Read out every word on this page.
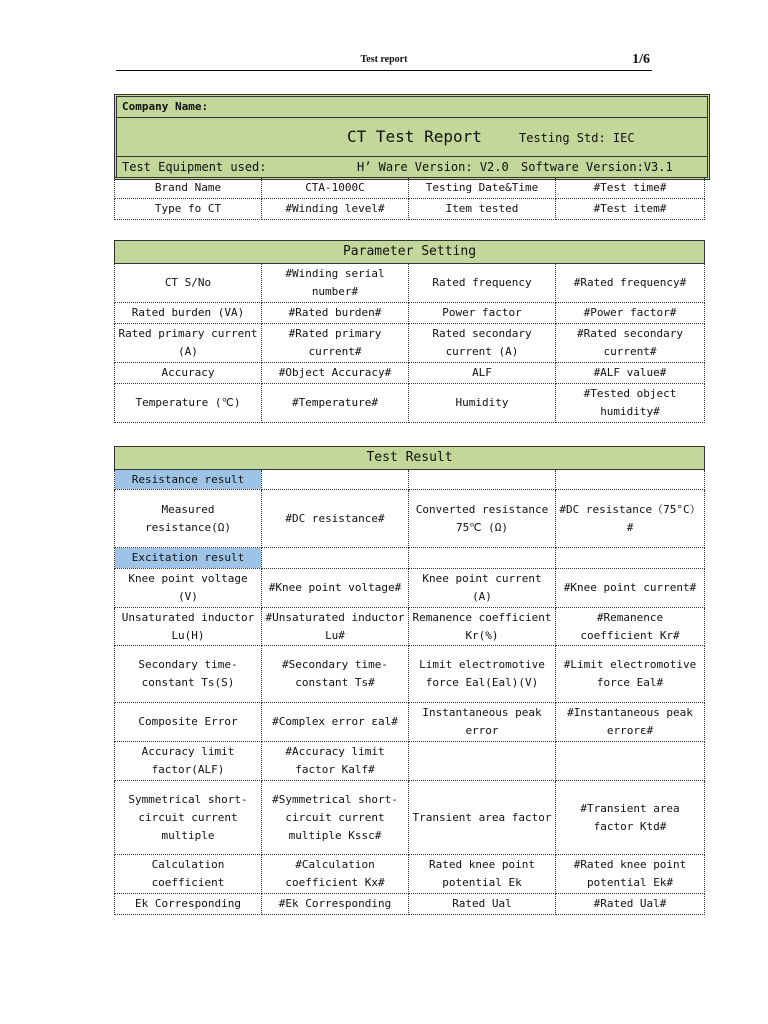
Test report	1/6
Company Name:
CT Test Report	Testing Std: IEC
Test Equipment used:	H’ Ware Version: V2.0 Software Version:V3.1
Brand Name	CTA-1000C	Testing Date&Time	#Test time#
Type fo CT	#Winding level#	Item tested	#Test item#
Parameter Setting			
CT S/No	#Winding serial number#	Rated frequency	#Rated frequency#
Rated burden (VA)	#Rated burden#	Power factor	#Power factor#
Rated primary current (A)	#Rated primary current#	Rated secondary current (A)	#Rated secondary current#
Accuracy	#Object Accuracy#	ALF	#ALF value#
Temperature (℃)	#Temperature#	Humidity	#Tested object humidity#
Test Result			
Resistance result			
Measured resistance(Ω)	#DC resistance#	Converted resistance 75℃ (Ω)	#DC resistance（75°C）#
Excitation result			
Knee point voltage (V)	#Knee point voltage#	Knee point current (A)	#Knee point current#
Unsaturated inductor Lu(H)	#Unsaturated inductor Lu#	Remanence coefficient Kr(%)	#Remanence coefficient Kr#
Secondary time-constant Ts(S)	#Secondary time-constant Ts#	Limit electromotive force Eal(Eal)(V)	#Limit electromotive force Eal#
Composite Error	#Complex error εal#	Instantaneous peak error	#Instantaneous peak errorε#
Accuracy limit factor(ALF)	#Accuracy limit factor Kalf#		
Symmetrical short-circuit current multiple	#Symmetrical short-circuit current multiple Kssc#	Transient area factor	#Transient area factor Ktd#
Calculation coefficient	#Calculation coefficient Kx#	Rated knee point potential Ek	#Rated knee point potential Ek#
Ek Corresponding	#Ek Corresponding	Rated Ual	#Rated Ual#
